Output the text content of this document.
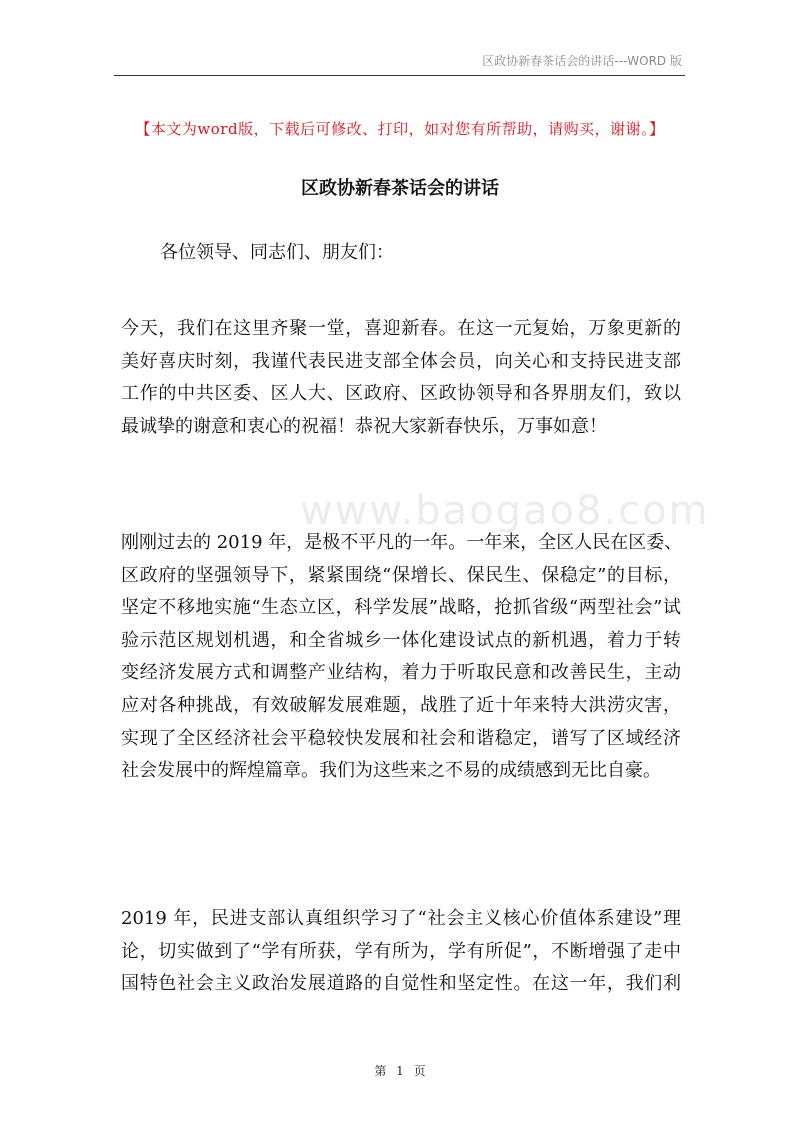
区政协新春茶话会的讲话---WORD 版
【本文为word版，下载后可修改、打印，如对您有所帮助，请购买，谢谢。】
区政协新春茶话会的讲话
各位领导、同志们、朋友们：
www.baogao8.com
今天，我们在这里齐聚一堂，喜迎新春。在这一元复始，万象更新的
美好喜庆时刻，我谨代表民进支部全体会员，向关心和支持民进支部
工作的中共区委、区人大、区政府、区政协领导和各界朋友们，致以
最诚挚的谢意和衷心的祝福！恭祝大家新春快乐，万事如意！
刚刚过去的 2019 年，是极不平凡的一年。一年来，全区人民在区委、
区政府的坚强领导下，紧紧围绕“保增长、保民生、保稳定”的目标，
坚定不移地实施“生态立区，科学发展”战略，抢抓省级“两型社会”试
验示范区规划机遇，和全省城乡一体化建设试点的新机遇，着力于转
变经济发展方式和调整产业结构，着力于听取民意和改善民生，主动
应对各种挑战，有效破解发展难题，战胜了近十年来特大洪涝灾害，
实现了全区经济社会平稳较快发展和社会和谐稳定，谱写了区域经济
社会发展中的辉煌篇章。我们为这些来之不易的成绩感到无比自豪。
2019 年，民进支部认真组织学习了“社会主义核心价值体系建设”理
论，切实做到了“学有所获，学有所为，学有所促”，不断增强了走中
国特色社会主义政治发展道路的自觉性和坚定性。在这一年，我们利
第 1 页
